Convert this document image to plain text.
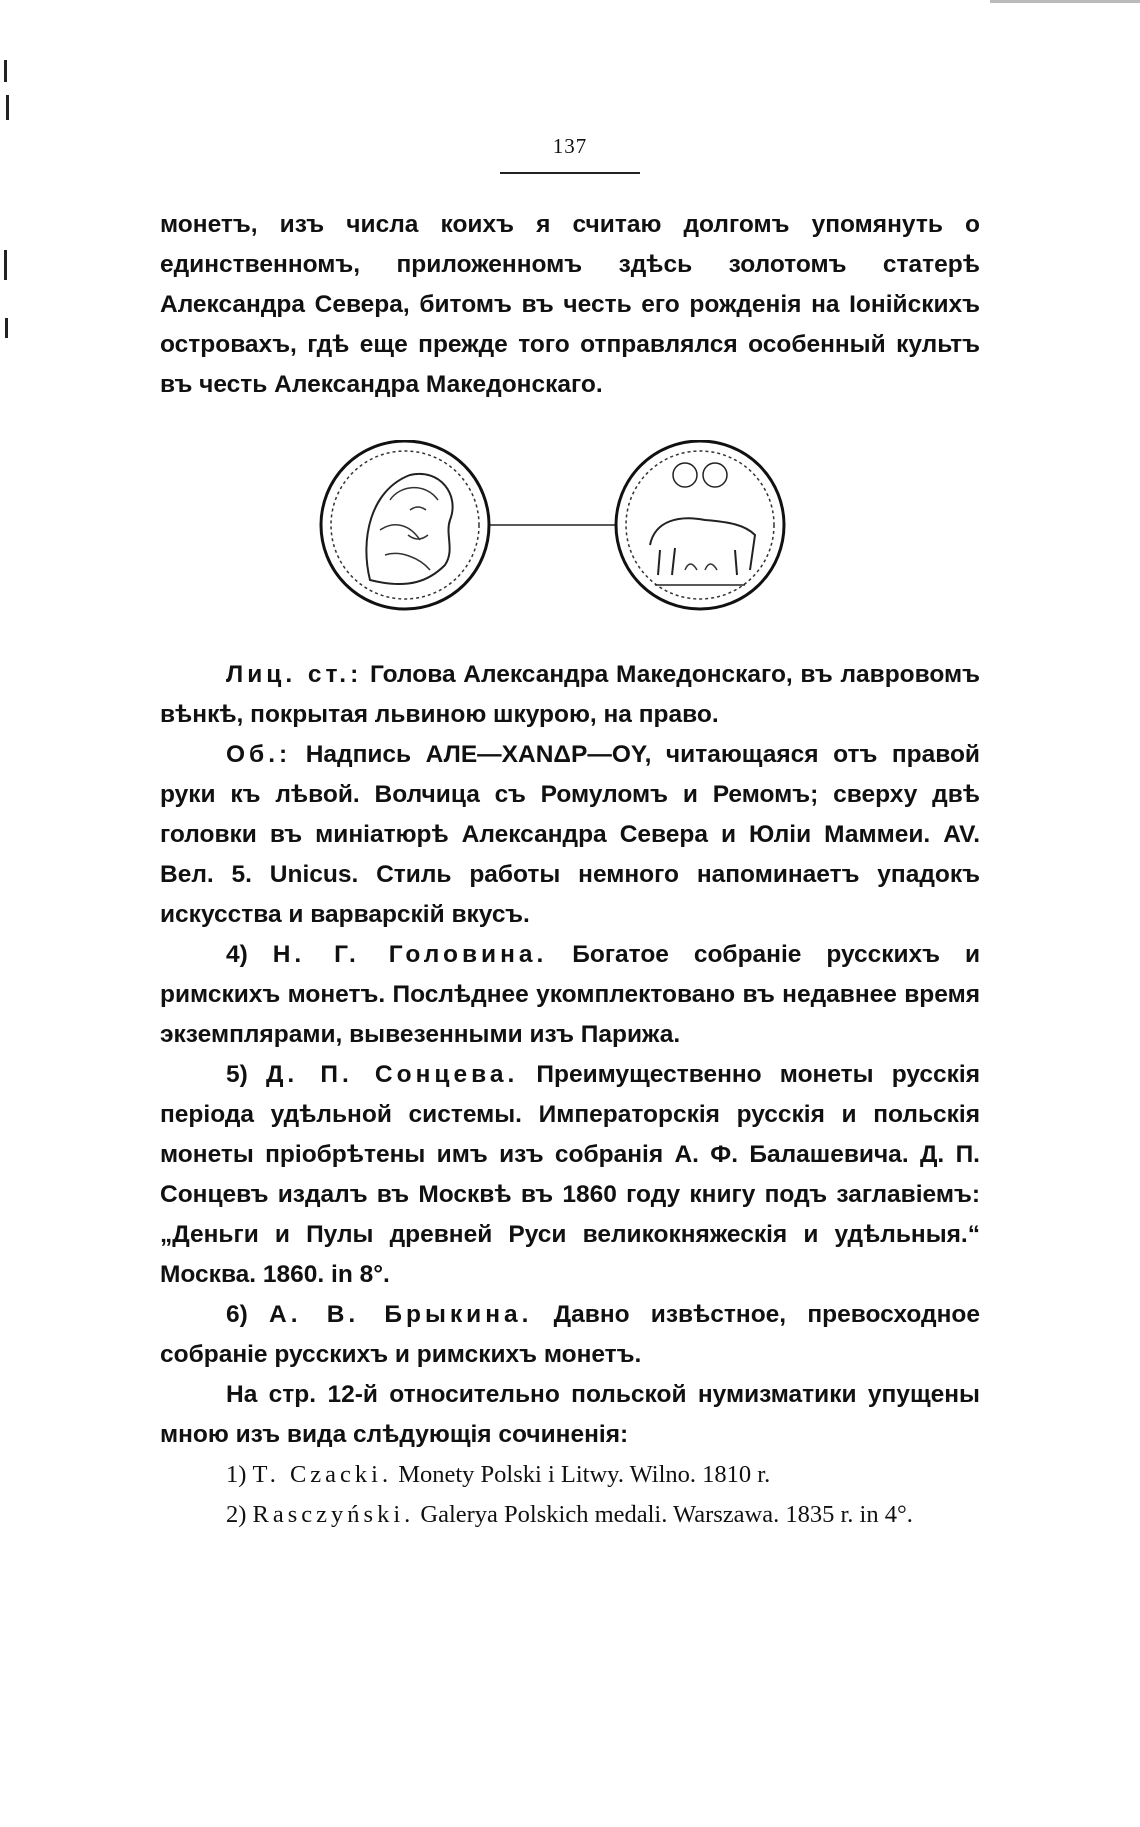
137

монетъ, изъ числа коихъ я считаю долгомъ упомянуть о единственномъ, приложенномъ здѣсь золотомъ статерѣ Александра Севера, битомъ въ честь его рожденія на Іонійскихъ островахъ, гдѣ еще прежде того отправлялся особенный культъ въ честь Александра Македонскаго.

Лиц. ст.: Голова Александра Македонскаго, въ лавровомъ вѣнкѣ, покрытая львиною шкурою, на право.

Об.: Надпись АЛЕ—ХАNΔР—ОΥ, читающаяся отъ правой руки къ лѣвой. Волчица съ Ромуломъ и Ремомъ; сверху двѣ головки въ миніатюрѣ Александра Севера и Юліи Маммеи. AV. Вел. 5. Unicus. Стиль работы немного напоминаетъ упадокъ искусства и варварскій вкусъ.

4) Н. Г. Головина. Богатое собраніе русскихъ и римскихъ монетъ. Послѣднее укомплектовано въ недавнее время экземплярами, вывезенными изъ Парижа.

5) Д. П. Сонцева. Преимущественно монеты русскія періода удѣльной системы. Императорскія русскія и польскія монеты пріобрѣтены имъ изъ собранія А. Ф. Балашевича. Д. П. Сонцевъ издалъ въ Москвѣ въ 1860 году книгу подъ заглавіемъ: „Деньги и Пулы древней Руси великокняжескія и удѣльныя.“ Москва. 1860. in 8°.

6) А. В. Брыкина. Давно извѣстное, превосходное собраніе русскихъ и римскихъ монетъ.

На стр. 12-й относительно польской нумизматики упущены мною изъ вида слѣдующія сочиненія:

1) T. Czacki. Monety Polski i Litwy. Wilno. 1810 r.

2) Rasczyński. Galerya Polskich medali. Warszawa. 1835 r. in 4°.
